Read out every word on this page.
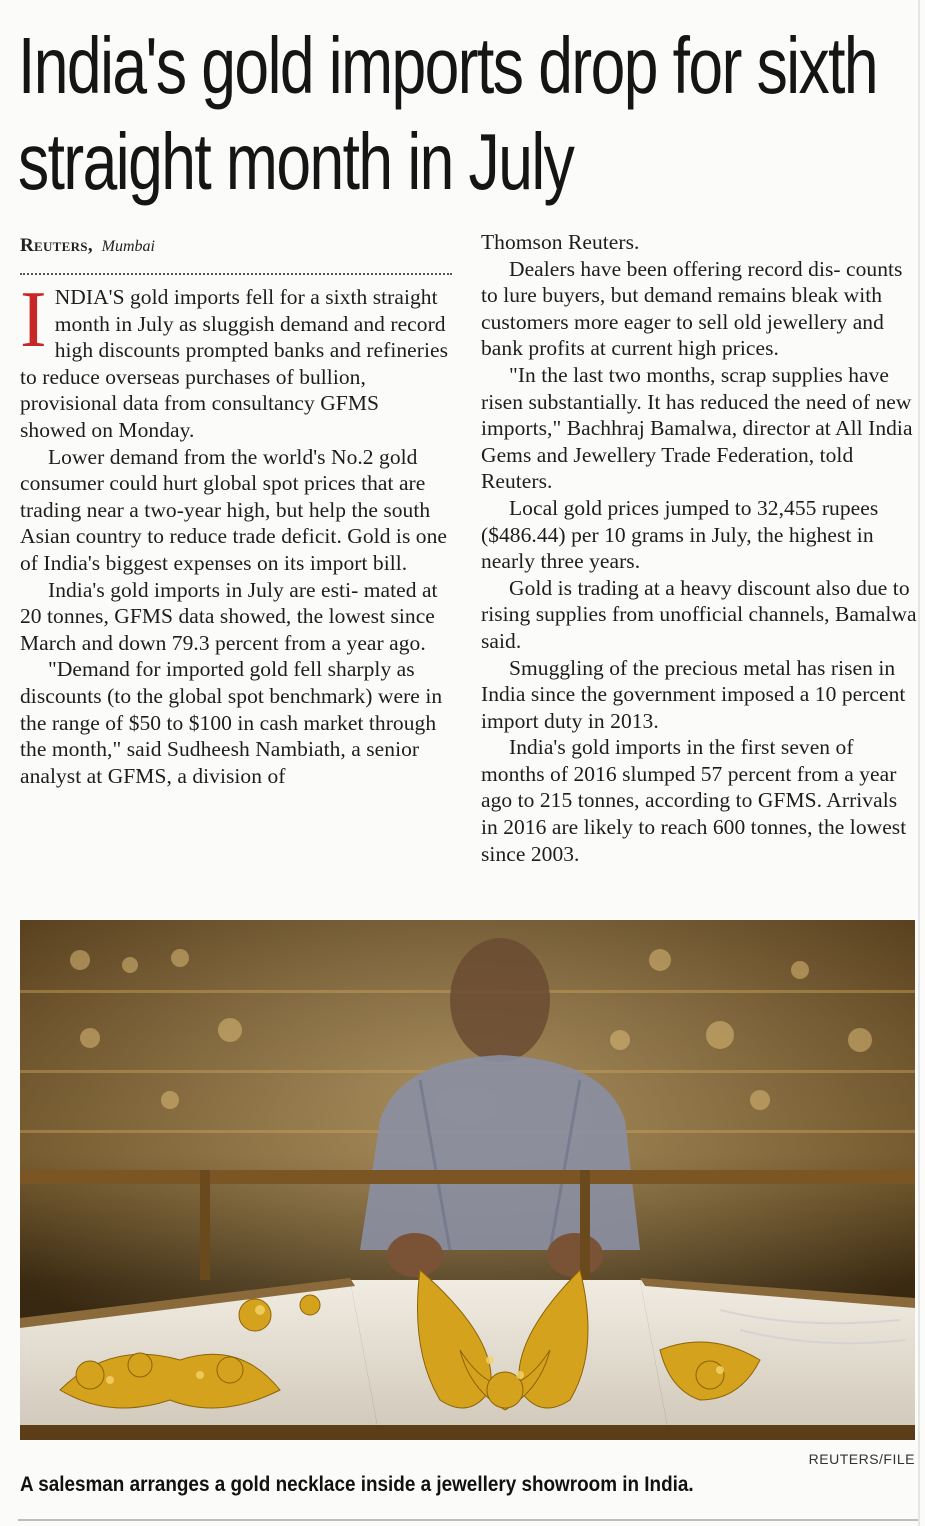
India's gold imports drop for sixth straight month in July
Reuters, Mumbai

INDIA'S gold imports fell for a sixth straight month in July as sluggish demand and record high discounts prompted banks and refineries to reduce overseas purchases of bullion, provisional data from consultancy GFMS showed on Monday.

Lower demand from the world's No.2 gold consumer could hurt global spot prices that are trading near a two-year high, but help the south Asian country to reduce trade deficit. Gold is one of India's biggest expenses on its import bill.

India's gold imports in July are esti- mated at 20 tonnes, GFMS data showed, the lowest since March and down 79.3 percent from a year ago.

"Demand for imported gold fell sharply as discounts (to the global spot benchmark) were in the range of $50 to $100 in cash market through the month," said Sudheesh Nambiath, a senior analyst at GFMS, a division of

Thomson Reuters.

Dealers have been offering record dis- counts to lure buyers, but demand remains bleak with customers more eager to sell old jewellery and bank profits at current high prices.

"In the last two months, scrap supplies have risen substantially. It has reduced the need of new imports," Bachhraj Bamalwa, director at All India Gems and Jewellery Trade Federation, told Reuters.

Local gold prices jumped to 32,455 rupees ($486.44) per 10 grams in July, the highest in nearly three years.

Gold is trading at a heavy discount also due to rising supplies from unofficial channels, Bamalwa said.

Smuggling of the precious metal has risen in India since the government imposed a 10 percent import duty in 2013.

India's gold imports in the first seven of months of 2016 slumped 57 percent from a year ago to 215 tonnes, according to GFMS. Arrivals in 2016 are likely to reach 600 tonnes, the lowest since 2003.

REUTERS/FILE
A salesman arranges a gold necklace inside a jewellery showroom in India.
